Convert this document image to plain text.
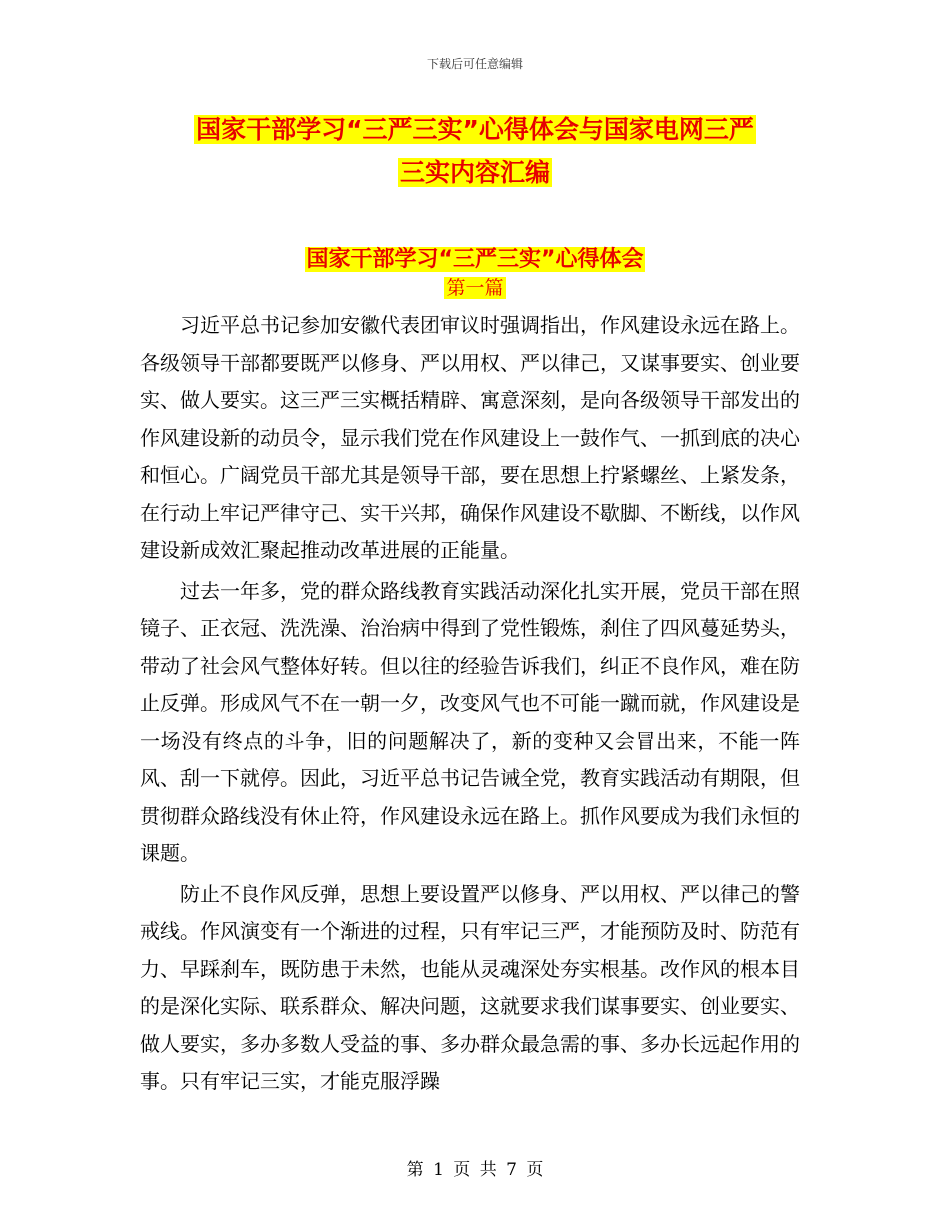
下载后可任意编辑
国家干部学习“三严三实”心得体会与国家电网三严
三实内容汇编
国家干部学习“三严三实”心得体会
第一篇

习近平总书记参加安徽代表团审议时强调指出，作风建设永远在路上。各级领导干部都要既严以修身、严以用权、严以律己，又谋事要实、创业要实、做人要实。这三严三实概括精辟、寓意深刻，是向各级领导干部发出的作风建设新的动员令，显示我们党在作风建设上一鼓作气、一抓到底的决心和恒心。广阔党员干部尤其是领导干部，要在思想上拧紧螺丝、上紧发条，在行动上牢记严律守己、实干兴邦，确保作风建设不歇脚、不断线，以作风建设新成效汇聚起推动改革进展的正能量。

过去一年多，党的群众路线教育实践活动深化扎实开展，党员干部在照镜子、正衣冠、洗洗澡、治治病中得到了党性锻炼，刹住了四风蔓延势头，带动了社会风气整体好转。但以往的经验告诉我们，纠正不良作风，难在防止反弹。形成风气不在一朝一夕，改变风气也不可能一蹴而就，作风建设是一场没有终点的斗争，旧的问题解决了，新的变种又会冒出来，不能一阵风、刮一下就停。因此，习近平总书记告诫全党，教育实践活动有期限，但贯彻群众路线没有休止符，作风建设永远在路上。抓作风要成为我们永恒的课题。

防止不良作风反弹，思想上要设置严以修身、严以用权、严以律己的警戒线。作风演变有一个渐进的过程，只有牢记三严，才能预防及时、防范有力、早踩刹车，既防患于未然，也能从灵魂深处夯实根基。改作风的根本目的是深化实际、联系群众、解决问题，这就要求我们谋事要实、创业要实、做人要实，多办多数人受益的事、多办群众最急需的事、多办长远起作用的事。只有牢记三实，才能克服浮躁

第 1 页 共 7 页
